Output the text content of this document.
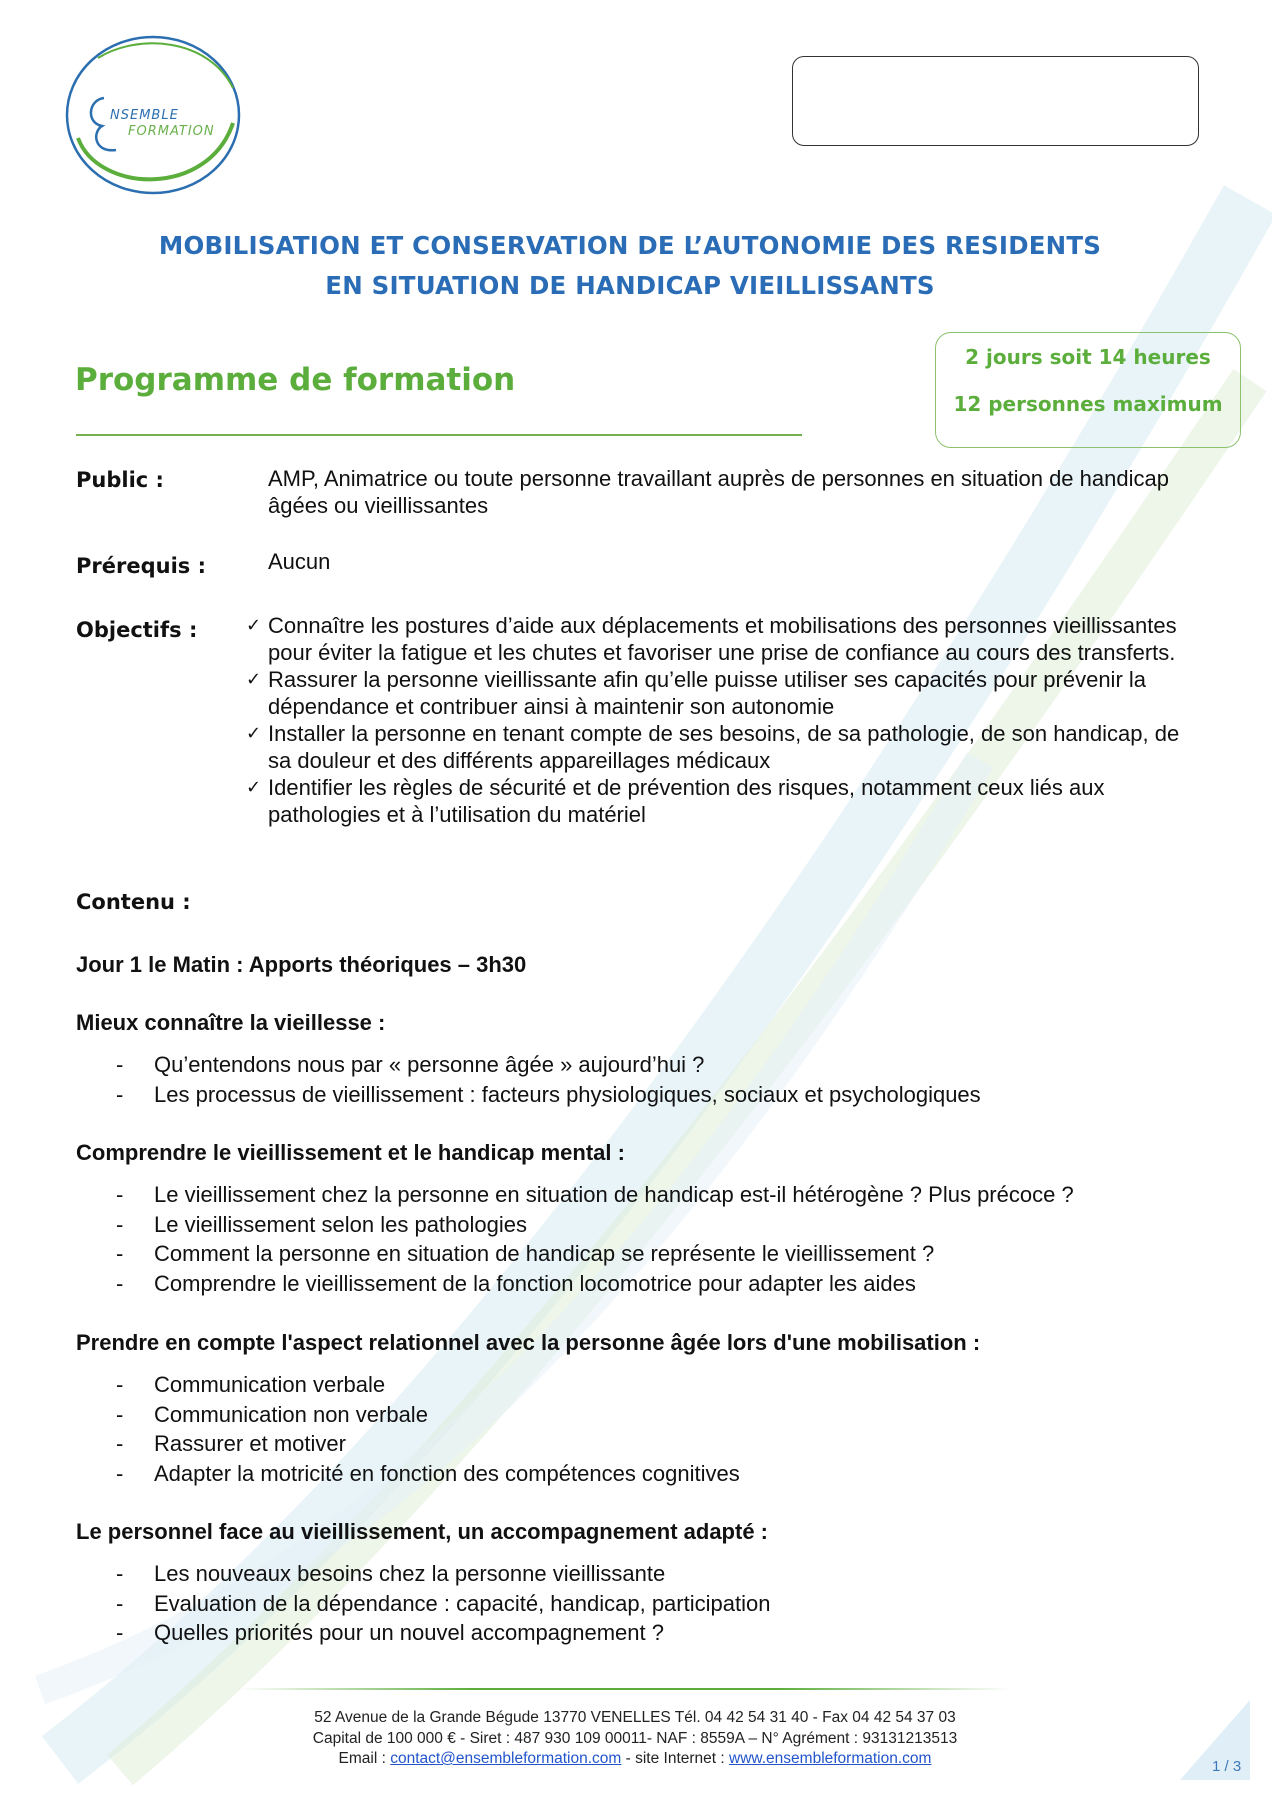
NSEMBLE
FORMATION
MOBILISATION ET CONSERVATION DE L’AUTONOMIE DES RESIDENTS
EN SITUATION DE HANDICAP VIEILLISSANTS
Programme de formation
2 jours soit 14 heures
12 personnes maximum
Public :	AMP, Animatrice ou toute personne travaillant auprès de personnes en situation de handicap âgées ou vieillissantes
Prérequis :	Aucun
Objectifs :
✓	Connaître les postures d’aide aux déplacements et mobilisations des personnes vieillissantes pour éviter la fatigue et les chutes et favoriser une prise de confiance au cours des transferts.
✓ Rassurer la personne vieillissante afin qu’elle puisse utiliser ses capacités pour prévenir la dépendance et contribuer ainsi à maintenir son autonomie
✓ Installer la personne en tenant compte de ses besoins, de sa pathologie, de son handicap, de sa douleur et des différents appareillages médicaux
✓ Identifier les règles de sécurité et de prévention des risques, notamment ceux liés aux pathologies et à l’utilisation du matériel
Contenu :
Jour 1 le Matin : Apports théoriques – 3h30
Mieux connaître la vieillesse :
- Qu’entendons nous par « personne âgée » aujourd’hui ?
- Les processus de vieillissement : facteurs physiologiques, sociaux et psychologiques
Comprendre le vieillissement et le handicap mental :
- Le vieillissement chez la personne en situation de handicap est-il hétérogène ? Plus précoce ?
- Le vieillissement selon les pathologies
- Comment la personne en situation de handicap se représente le vieillissement ?
- Comprendre le vieillissement de la fonction locomotrice pour adapter les aides
Prendre en compte l'aspect relationnel avec la personne âgée lors d'une mobilisation :
- Communication verbale
- Communication non verbale
- Rassurer et motiver
- Adapter la motricité en fonction des compétences cognitives
Le personnel face au vieillissement, un accompagnement adapté :
- Les nouveaux besoins chez la personne vieillissante
- Evaluation de la dépendance : capacité, handicap, participation
- Quelles priorités pour un nouvel accompagnement ?
52 Avenue de la Grande Bégude 13770 VENELLES Tél. 04 42 54 31 40 - Fax 04 42 54 37 03
Capital de 100 000 € - Siret : 487 930 109 00011- NAF : 8559A – N° Agrément : 93131213513
Email : contact@ensembleformation.com - site Internet : www.ensembleformation.com	1 / 3
